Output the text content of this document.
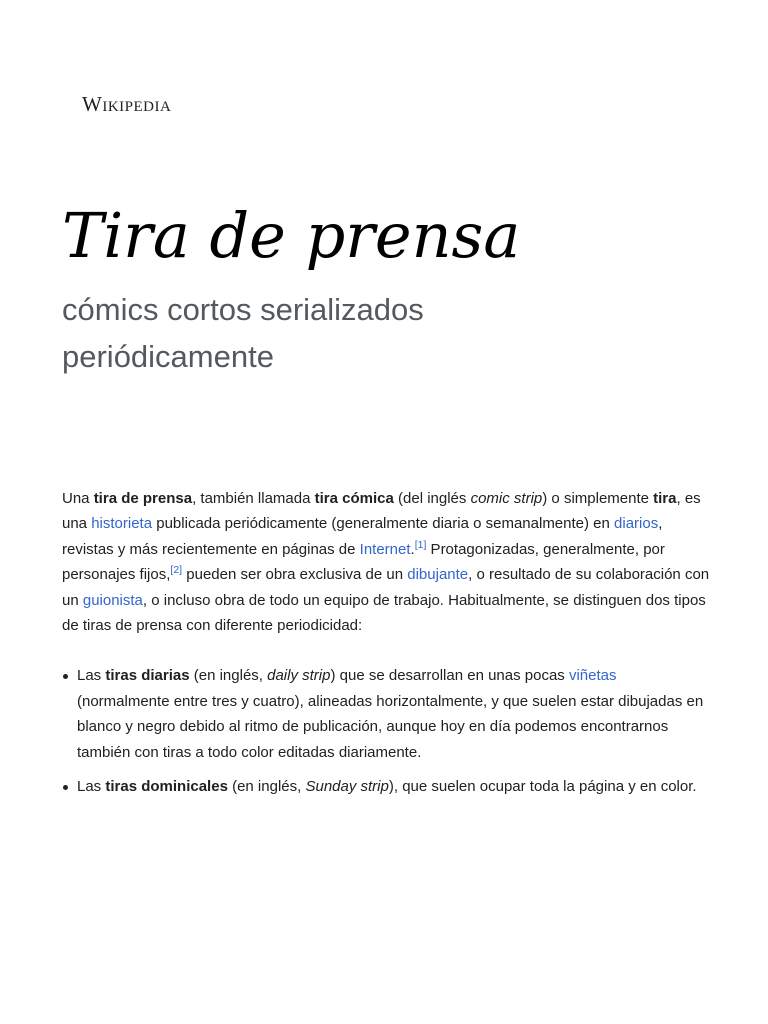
Wikipedia
Tira de prensa
cómics cortos serializados periódicamente

Una tira de prensa, también llamada tira cómica (del inglés comic strip) o simplemente tira, es una historieta publicada periódicamente (generalmente diaria o semanalmente) en diarios, revistas y más recientemente en páginas de Internet.[1] Protagonizadas, generalmente, por personajes fijos,[2] pueden ser obra exclusiva de un dibujante, o resultado de su colaboración con un guionista, o incluso obra de todo un equipo de trabajo. Habitualmente, se distinguen dos tipos de tiras de prensa con diferente periodicidad:

Las tiras diarias (en inglés, daily strip) que se desarrollan en unas pocas viñetas (normalmente entre tres y cuatro), alineadas horizontalmente, y que suelen estar dibujadas en blanco y negro debido al ritmo de publicación, aunque hoy en día podemos encontrarnos también con tiras a todo color editadas diariamente.
Las tiras dominicales (en inglés, Sunday strip), que suelen ocupar toda la página y en color.
